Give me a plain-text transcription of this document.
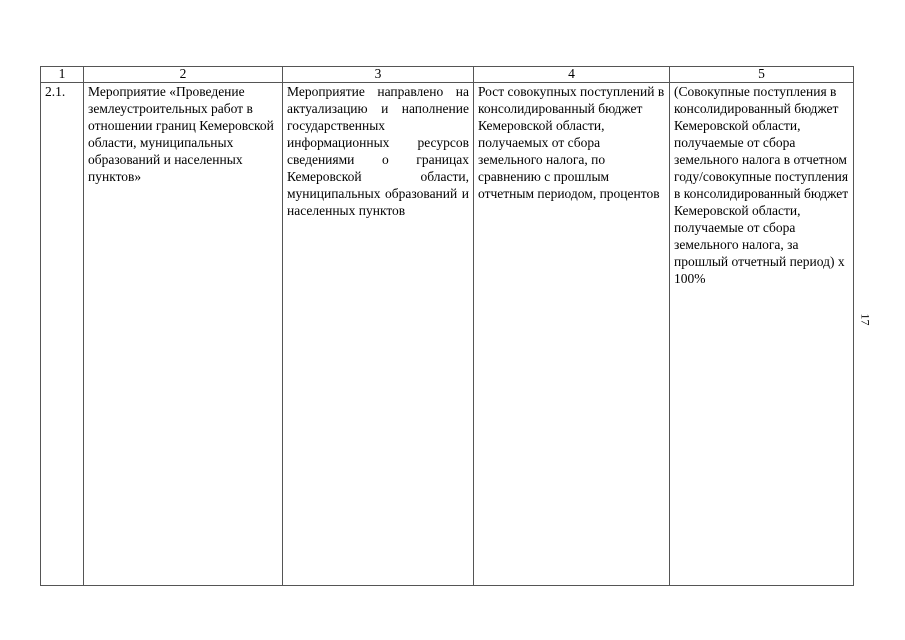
1	2	3	4	5
2.1.	Мероприятие «Проведение землеустроительных работ в отношении границ Кемеровской области, муниципальных образований и населенных пунктов»	Мероприятие направлено на актуализацию и наполнение государственных информационных ресурсов сведениями о границах Кемеровской области, муниципальных образований и населенных пунктов	Рост совокупных поступлений в консолидированный бюджет Кемеровской области, получаемых от сбора земельного налога, по сравнению с прошлым отчетным периодом, процентов	(Совокупные поступления в консолидированный бюджет Кемеровской области, получаемые от сбора земельного налога в отчетном году/совокупные поступления в консолидированный бюджет Кемеровской области, получаемые от сбора земельного налога, за прошлый отчетный период) x 100%
17
